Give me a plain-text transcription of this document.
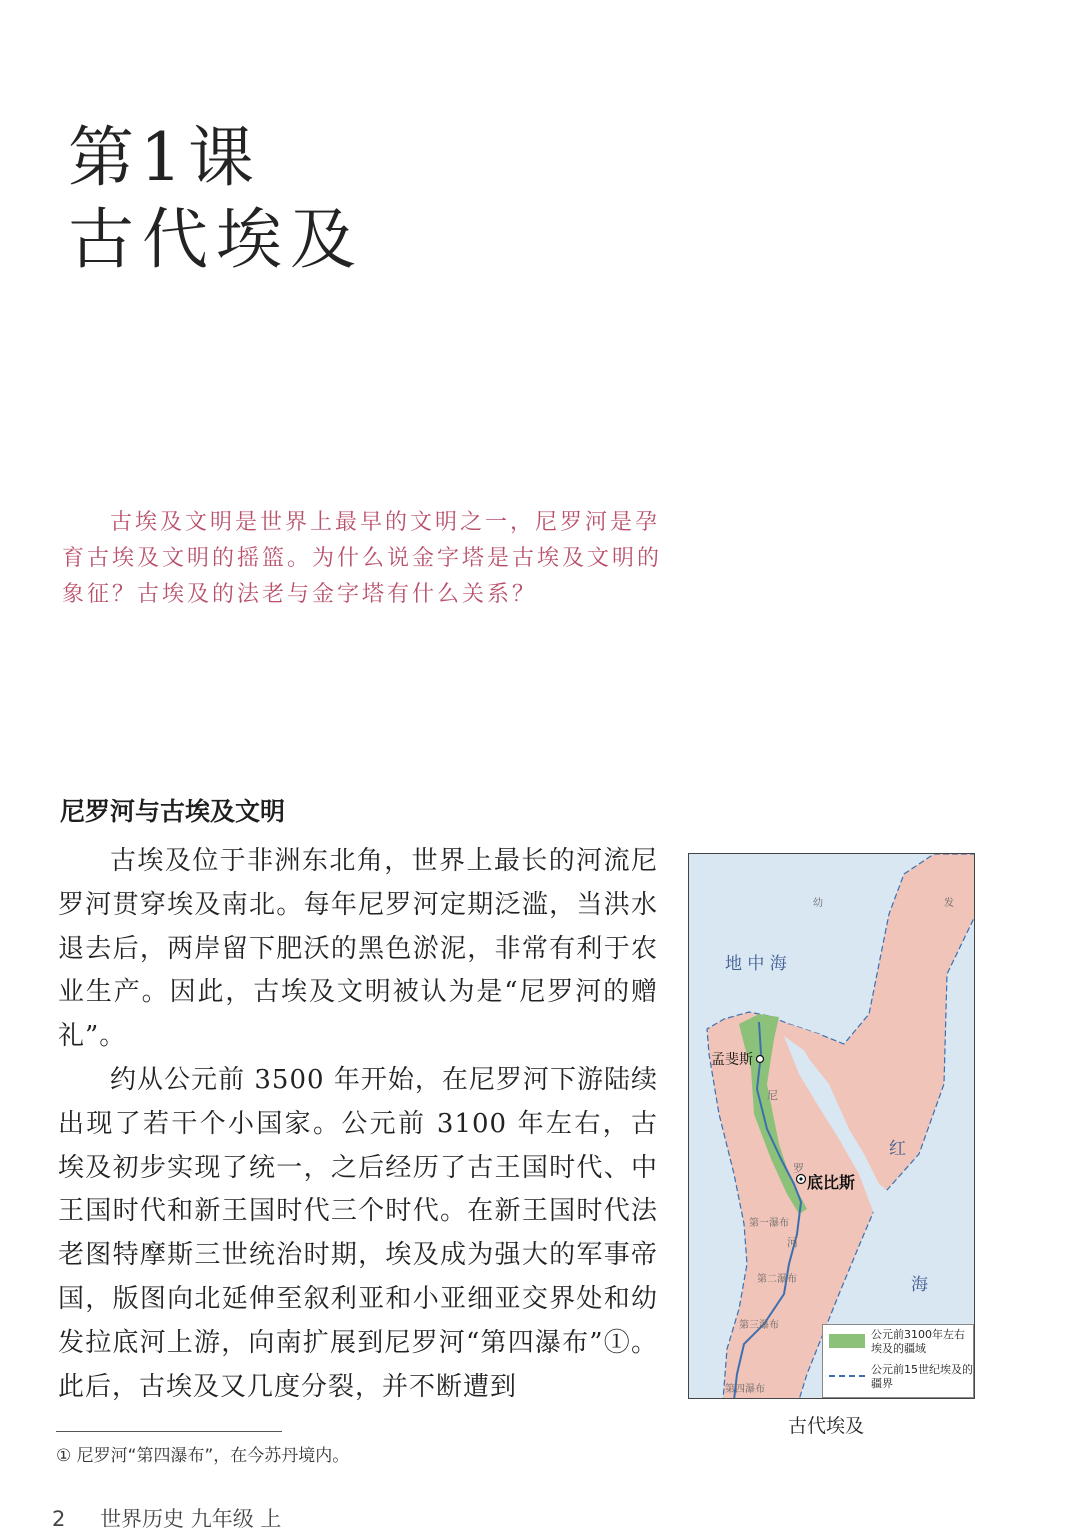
第1课
古代埃及

古埃及文明是世界上最早的文明之一，尼罗河是孕育古埃及文明的摇篮。为什么说金字塔是古埃及文明的象征？古埃及的法老与金字塔有什么关系？

尼罗河与古埃及文明

古埃及位于非洲东北角，世界上最长的河流尼罗河贯穿埃及南北。每年尼罗河定期泛滥，当洪水退去后，两岸留下肥沃的黑色淤泥，非常有利于农业生产。因此，古埃及文明被认为是“尼罗河的赠礼”。

约从公元前 3500 年开始，在尼罗河下游陆续出现了若干个小国家。公元前 3100 年左右，古埃及初步实现了统一，之后经历了古王国时代、中王国时代和新王国时代三个时代。在新王国时代法老图特摩斯三世统治时期，埃及成为强大的军事帝国，版图向北延伸至叙利亚和小亚细亚交界处和幼发拉底河上游，向南扩展到尼罗河“第四瀑布”①。此后，古埃及又几度分裂，并不断遭到

幼	发
地 中 海
红
海
孟斐斯
底比斯
尼
罗
河
第一瀑布
第二瀑布
第三瀑布
第四瀑布
公元前3100年左右埃及的疆域
公元前15世纪埃及的疆界
古代埃及
① 尼罗河“第四瀑布”，在今苏丹境内。
2 世界历史 九年级 上
